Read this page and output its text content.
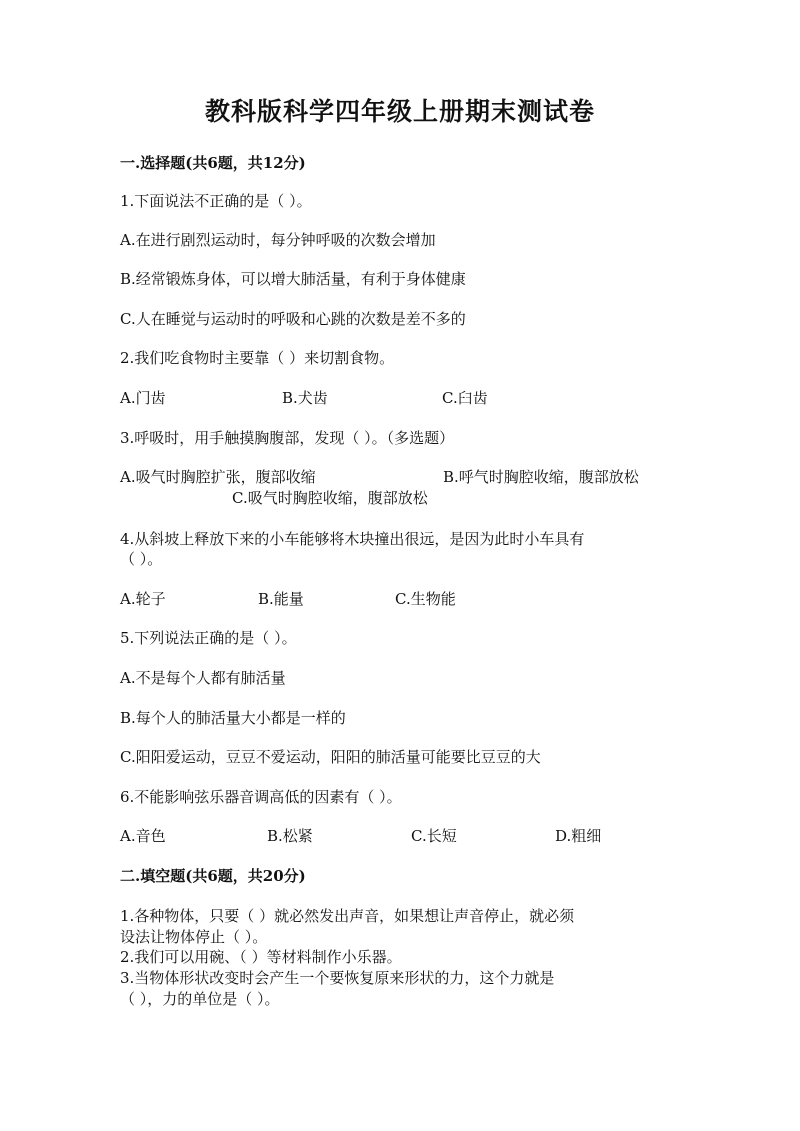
教科版科学四年级上册期末测试卷
一.选择题(共6题，共12分)
1.下面说法不正确的是（ ）。
A.在进行剧烈运动时，每分钟呼吸的次数会增加
B.经常锻炼身体，可以增大肺活量，有利于身体健康
C.人在睡觉与运动时的呼吸和心跳的次数是差不多的
2.我们吃食物时主要靠（ ）来切割食物。
A.门齿	B.犬齿	C.臼齿
3.呼吸时，用手触摸胸腹部，发现（ ）。（多选题）
A.吸气时胸腔扩张，腹部收缩	B.呼气时胸腔收缩，腹部放松
C.吸气时胸腔收缩，腹部放松
4.从斜坡上释放下来的小车能够将木块撞出很远，是因为此时小车具有
（ ）。
A.轮子	B.能量	C.生物能
5.下列说法正确的是（ ）。
A.不是每个人都有肺活量
B.每个人的肺活量大小都是一样的
C.阳阳爱运动，豆豆不爱运动，阳阳的肺活量可能要比豆豆的大
6.不能影响弦乐器音调高低的因素有（ ）。
A.音色	B.松紧	C.长短	D.粗细
二.填空题(共6题，共20分)
1.各种物体，只要（ ）就必然发出声音，如果想让声音停止，就必须
设法让物体停止（ ）。
2.我们可以用碗、（ ）等材料制作小乐器。
3.当物体形状改变时会产生一个要恢复原来形状的力，这个力就是
（ ），力的单位是（ ）。
